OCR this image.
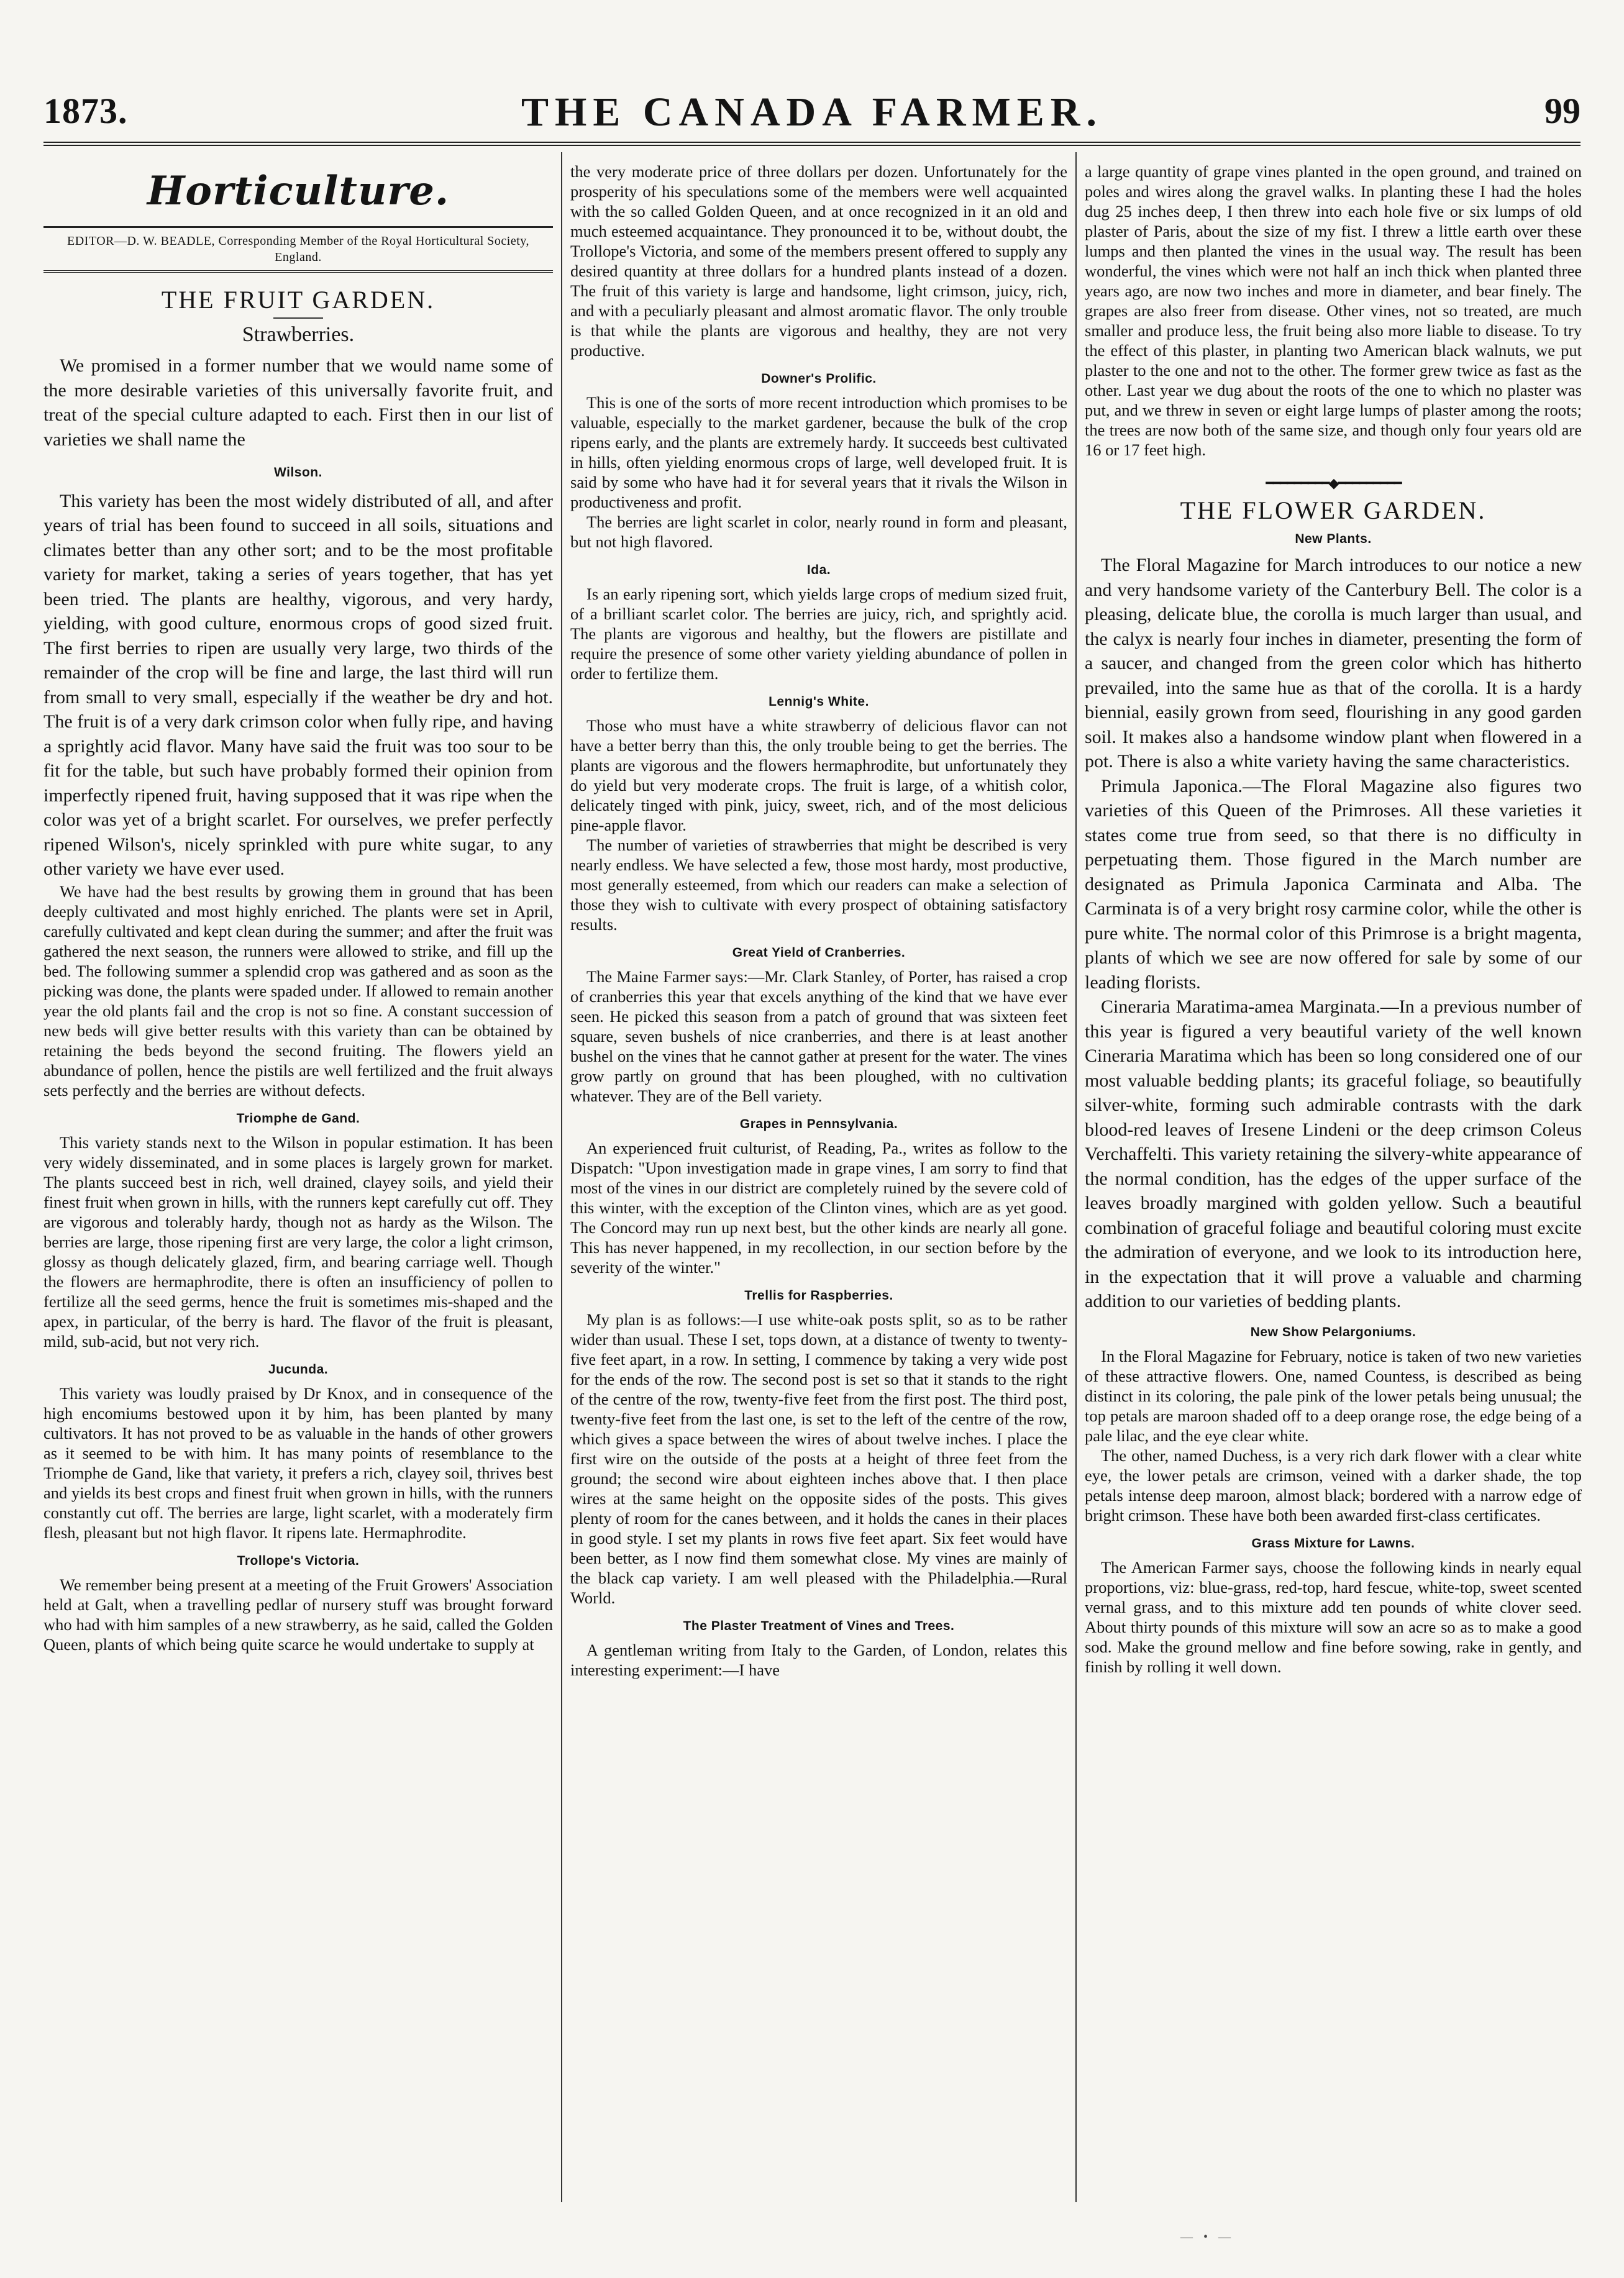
1873.	THE CANADA FARMER.	99
Horticulture.
EDITOR—D. W. BEADLE, Corresponding Member of the Royal Horticultural Society, England.
THE FRUIT GARDEN.
Strawberries.

We promised in a former number that we would name some of the more desirable varieties of this universally favorite fruit, and treat of the special culture adapted to each. First then in our list of varieties we shall name the

Wilson.

This variety has been the most widely distributed of all, and after years of trial has been found to succeed in all soils, situations and climates better than any other sort; and to be the most profitable variety for market, taking a series of years together, that has yet been tried. The plants are healthy, vigorous, and very hardy, yielding, with good culture, enormous crops of good sized fruit. The first berries to ripen are usually very large, two thirds of the remainder of the crop will be fine and large, the last third will run from small to very small, especially if the weather be dry and hot. The fruit is of a very dark crimson color when fully ripe, and having a sprightly acid flavor. Many have said the fruit was too sour to be fit for the table, but such have probably formed their opinion from imperfectly ripened fruit, having supposed that it was ripe when the color was yet of a bright scarlet. For ourselves, we prefer perfectly ripened Wilson's, nicely sprinkled with pure white sugar, to any other variety we have ever used.

We have had the best results by growing them in ground that has been deeply cultivated and most highly enriched. The plants were set in April, carefully cultivated and kept clean during the summer; and after the fruit was gathered the next season, the runners were allowed to strike, and fill up the bed. The following summer a splendid crop was gathered and as soon as the picking was done, the plants were spaded under. If allowed to remain another year the old plants fail and the crop is not so fine. A constant succession of new beds will give better results with this variety than can be obtained by retaining the beds beyond the second fruiting. The flowers yield an abundance of pollen, hence the pistils are well fertilized and the fruit always sets perfectly and the berries are without defects.

Triomphe de Gand.

This variety stands next to the Wilson in popular estimation. It has been very widely disseminated, and in some places is largely grown for market. The plants succeed best in rich, well drained, clayey soils, and yield their finest fruit when grown in hills, with the runners kept carefully cut off. They are vigorous and tolerably hardy, though not as hardy as the Wilson. The berries are large, those ripening first are very large, the color a light crimson, glossy as though delicately glazed, firm, and bearing carriage well. Though the flowers are hermaphrodite, there is often an insufficiency of pollen to fertilize all the seed germs, hence the fruit is sometimes mis-shaped and the apex, in particular, of the berry is hard. The flavor of the fruit is pleasant, mild, sub-acid, but not very rich.

Jucunda.

This variety was loudly praised by Dr Knox, and in consequence of the high encomiums bestowed upon it by him, has been planted by many cultivators. It has not proved to be as valuable in the hands of other growers as it seemed to be with him. It has many points of resemblance to the Triomphe de Gand, like that variety, it prefers a rich, clayey soil, thrives best and yields its best crops and finest fruit when grown in hills, with the runners constantly cut off. The berries are large, light scarlet, with a moderately firm flesh, pleasant but not high flavor. It ripens late. Hermaphrodite.

Trollope's Victoria.

We remember being present at a meeting of the Fruit Growers' Association held at Galt, when a travelling pedlar of nursery stuff was brought forward who had with him samples of a new strawberry, as he said, called the Golden Queen, plants of which being quite scarce he would undertake to supply at

the very moderate price of three dollars per dozen. Unfortunately for the prosperity of his speculations some of the members were well acquainted with the so called Golden Queen, and at once recognized in it an old and much esteemed acquaintance. They pronounced it to be, without doubt, the Trollope's Victoria, and some of the members present offered to supply any desired quantity at three dollars for a hundred plants instead of a dozen. The fruit of this variety is large and handsome, light crimson, juicy, rich, and with a peculiarly pleasant and almost aromatic flavor. The only trouble is that while the plants are vigorous and healthy, they are not very productive.

Downer's Prolific.

This is one of the sorts of more recent introduction which promises to be valuable, especially to the market gardener, because the bulk of the crop ripens early, and the plants are extremely hardy. It succeeds best cultivated in hills, often yielding enormous crops of large, well developed fruit. It is said by some who have had it for several years that it rivals the Wilson in productiveness and profit.

The berries are light scarlet in color, nearly round in form and pleasant, but not high flavored.

Ida.

Is an early ripening sort, which yields large crops of medium sized fruit, of a brilliant scarlet color. The berries are juicy, rich, and sprightly acid. The plants are vigorous and healthy, but the flowers are pistillate and require the presence of some other variety yielding abundance of pollen in order to fertilize them.

Lennig's White.

Those who must have a white strawberry of delicious flavor can not have a better berry than this, the only trouble being to get the berries. The plants are vigorous and the flowers hermaphrodite, but unfortunately they do yield but very moderate crops. The fruit is large, of a whitish color, delicately tinged with pink, juicy, sweet, rich, and of the most delicious pine-apple flavor.

The number of varieties of strawberries that might be described is very nearly endless. We have selected a few, those most hardy, most productive, most generally esteemed, from which our readers can make a selection of those they wish to cultivate with every prospect of obtaining satisfactory results.

Great Yield of Cranberries.

The Maine Farmer says:—Mr. Clark Stanley, of Porter, has raised a crop of cranberries this year that excels anything of the kind that we have ever seen. He picked this season from a patch of ground that was sixteen feet square, seven bushels of nice cranberries, and there is at least another bushel on the vines that he cannot gather at present for the water. The vines grow partly on ground that has been ploughed, with no cultivation whatever. They are of the Bell variety.

Grapes in Pennsylvania.

An experienced fruit culturist, of Reading, Pa., writes as follow to the Dispatch: "Upon investigation made in grape vines, I am sorry to find that most of the vines in our district are completely ruined by the severe cold of this winter, with the exception of the Clinton vines, which are as yet good. The Concord may run up next best, but the other kinds are nearly all gone. This has never happened, in my recollection, in our section before by the severity of the winter."

Trellis for Raspberries.

My plan is as follows:—I use white-oak posts split, so as to be rather wider than usual. These I set, tops down, at a distance of twenty to twenty-five feet apart, in a row. In setting, I commence by taking a very wide post for the ends of the row. The second post is set so that it stands to the right of the centre of the row, twenty-five feet from the first post. The third post, twenty-five feet from the last one, is set to the left of the centre of the row, which gives a space between the wires of about twelve inches. I place the first wire on the outside of the posts at a height of three feet from the ground; the second wire about eighteen inches above that. I then place wires at the same height on the opposite sides of the posts. This gives plenty of room for the canes between, and it holds the canes in their places in good style. I set my plants in rows five feet apart. Six feet would have been better, as I now find them somewhat close. My vines are mainly of the black cap variety. I am well pleased with the Philadelphia.—Rural World.

The Plaster Treatment of Vines and Trees.

A gentleman writing from Italy to the Garden, of London, relates this interesting experiment:—I have

a large quantity of grape vines planted in the open ground, and trained on poles and wires along the gravel walks. In planting these I had the holes dug 25 inches deep, I then threw into each hole five or six lumps of old plaster of Paris, about the size of my fist. I threw a little earth over these lumps and then planted the vines in the usual way. The result has been wonderful, the vines which were not half an inch thick when planted three years ago, are now two inches and more in diameter, and bear finely. The grapes are also freer from disease. Other vines, not so treated, are much smaller and produce less, the fruit being also more liable to disease. To try the effect of this plaster, in planting two American black walnuts, we put plaster to the one and not to the other. The former grew twice as fast as the other. Last year we dug about the roots of the one to which no plaster was put, and we threw in seven or eight large lumps of plaster among the roots; the trees are now both of the same size, and though only four years old are 16 or 17 feet high.

━━━━━━━━━◆━━━━━━━━━
THE FLOWER GARDEN.
New Plants.

The Floral Magazine for March introduces to our notice a new and very handsome variety of the Canterbury Bell. The color is a pleasing, delicate blue, the corolla is much larger than usual, and the calyx is nearly four inches in diameter, presenting the form of a saucer, and changed from the green color which has hitherto prevailed, into the same hue as that of the corolla. It is a hardy biennial, easily grown from seed, flourishing in any good garden soil. It makes also a handsome window plant when flowered in a pot. There is also a white variety having the same characteristics.

Primula Japonica.—The Floral Magazine also figures two varieties of this Queen of the Primroses. All these varieties it states come true from seed, so that there is no difficulty in perpetuating them. Those figured in the March number are designated as Primula Japonica Carminata and Alba. The Carminata is of a very bright rosy carmine color, while the other is pure white. The normal color of this Primrose is a bright magenta, plants of which we see are now offered for sale by some of our leading florists.

Cineraria Maratima-amea Marginata.—In a previous number of this year is figured a very beautiful variety of the well known Cineraria Maratima which has been so long considered one of our most valuable bedding plants; its graceful foliage, so beautifully silver-white, forming such admirable contrasts with the dark blood-red leaves of Iresene Lindeni or the deep crimson Coleus Verchaffelti. This variety retaining the silvery-white appearance of the normal condition, has the edges of the upper surface of the leaves broadly margined with golden yellow. Such a beautiful combination of graceful foliage and beautiful coloring must excite the admiration of everyone, and we look to its introduction here, in the expectation that it will prove a valuable and charming addition to our varieties of bedding plants.

New Show Pelargoniums.

In the Floral Magazine for February, notice is taken of two new varieties of these attractive flowers. One, named Countess, is described as being distinct in its coloring, the pale pink of the lower petals being unusual; the top petals are maroon shaded off to a deep orange rose, the edge being of a pale lilac, and the eye clear white.

The other, named Duchess, is a very rich dark flower with a clear white eye, the lower petals are crimson, veined with a darker shade, the top petals intense deep maroon, almost black; bordered with a narrow edge of bright crimson. These have both been awarded first-class certificates.

Grass Mixture for Lawns.

The American Farmer says, choose the following kinds in nearly equal proportions, viz: blue-grass, red-top, hard fescue, white-top, sweet scented vernal grass, and to this mixture add ten pounds of white clover seed. About thirty pounds of this mixture will sow an acre so as to make a good sod. Make the ground mellow and fine before sowing, rake in gently, and finish by rolling it well down.

— • —
